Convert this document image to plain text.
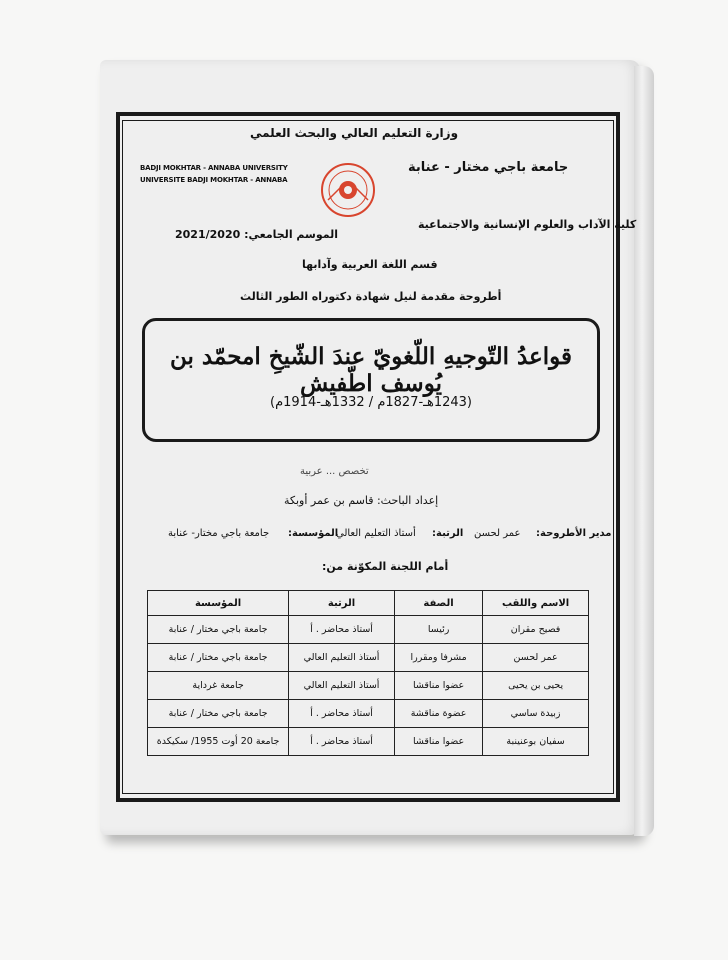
وزارة التعليم العالي والبحث العلمي
جامعة باجي مختار - عنابة
BADJI MOKHTAR - ANNABA UNIVERSITY
UNIVERSITE BADJI MOKHTAR - ANNABA
كلية الآداب والعلوم الإنسانية والاجتماعية
الموسم الجامعي: 2021/2020
قسم اللغة العربية وآدابها
أطروحة مقدمة لنيل شهادة دكتوراه الطور الثالث
قواعدُ التّوجيهِ اللّغويّ عندَ الشّيخِ امحمّد بن يُوسف اطّفيش
(1243هـ-1827م / 1332هـ-1914م)
تخصص ... عربية
إعداد الباحث: قاسم بن عمر أوبكة
مدير الأطروحة:
عمر لحسن
الرتبة:
أستاذ التعليم العالي
المؤسسة:
جامعة باجي مختار- عنابة
أمام اللجنة المكوّنة من:
الاسم واللقب	الصفة	الرتبة	المؤسسة
فصيح مقران	رئيسا	أستاذ محاضر . أ	جامعة باجي مختار / عنابة
عمر لحسن	مشرفا ومقررا	أستاذ التعليم العالي	جامعة باجي مختار / عنابة
يحيى بن يحيى	عضوا مناقشا	أستاذ التعليم العالي	جامعة غرداية
زبيدة ساسي	عضوة مناقشة	أستاذ محاضر . أ	جامعة باجي مختار / عنابة
سفيان بوعنينبة	عضوا مناقشا	أستاذ محاضر . أ	جامعة 20 أوت 1955/ سكيكدة
